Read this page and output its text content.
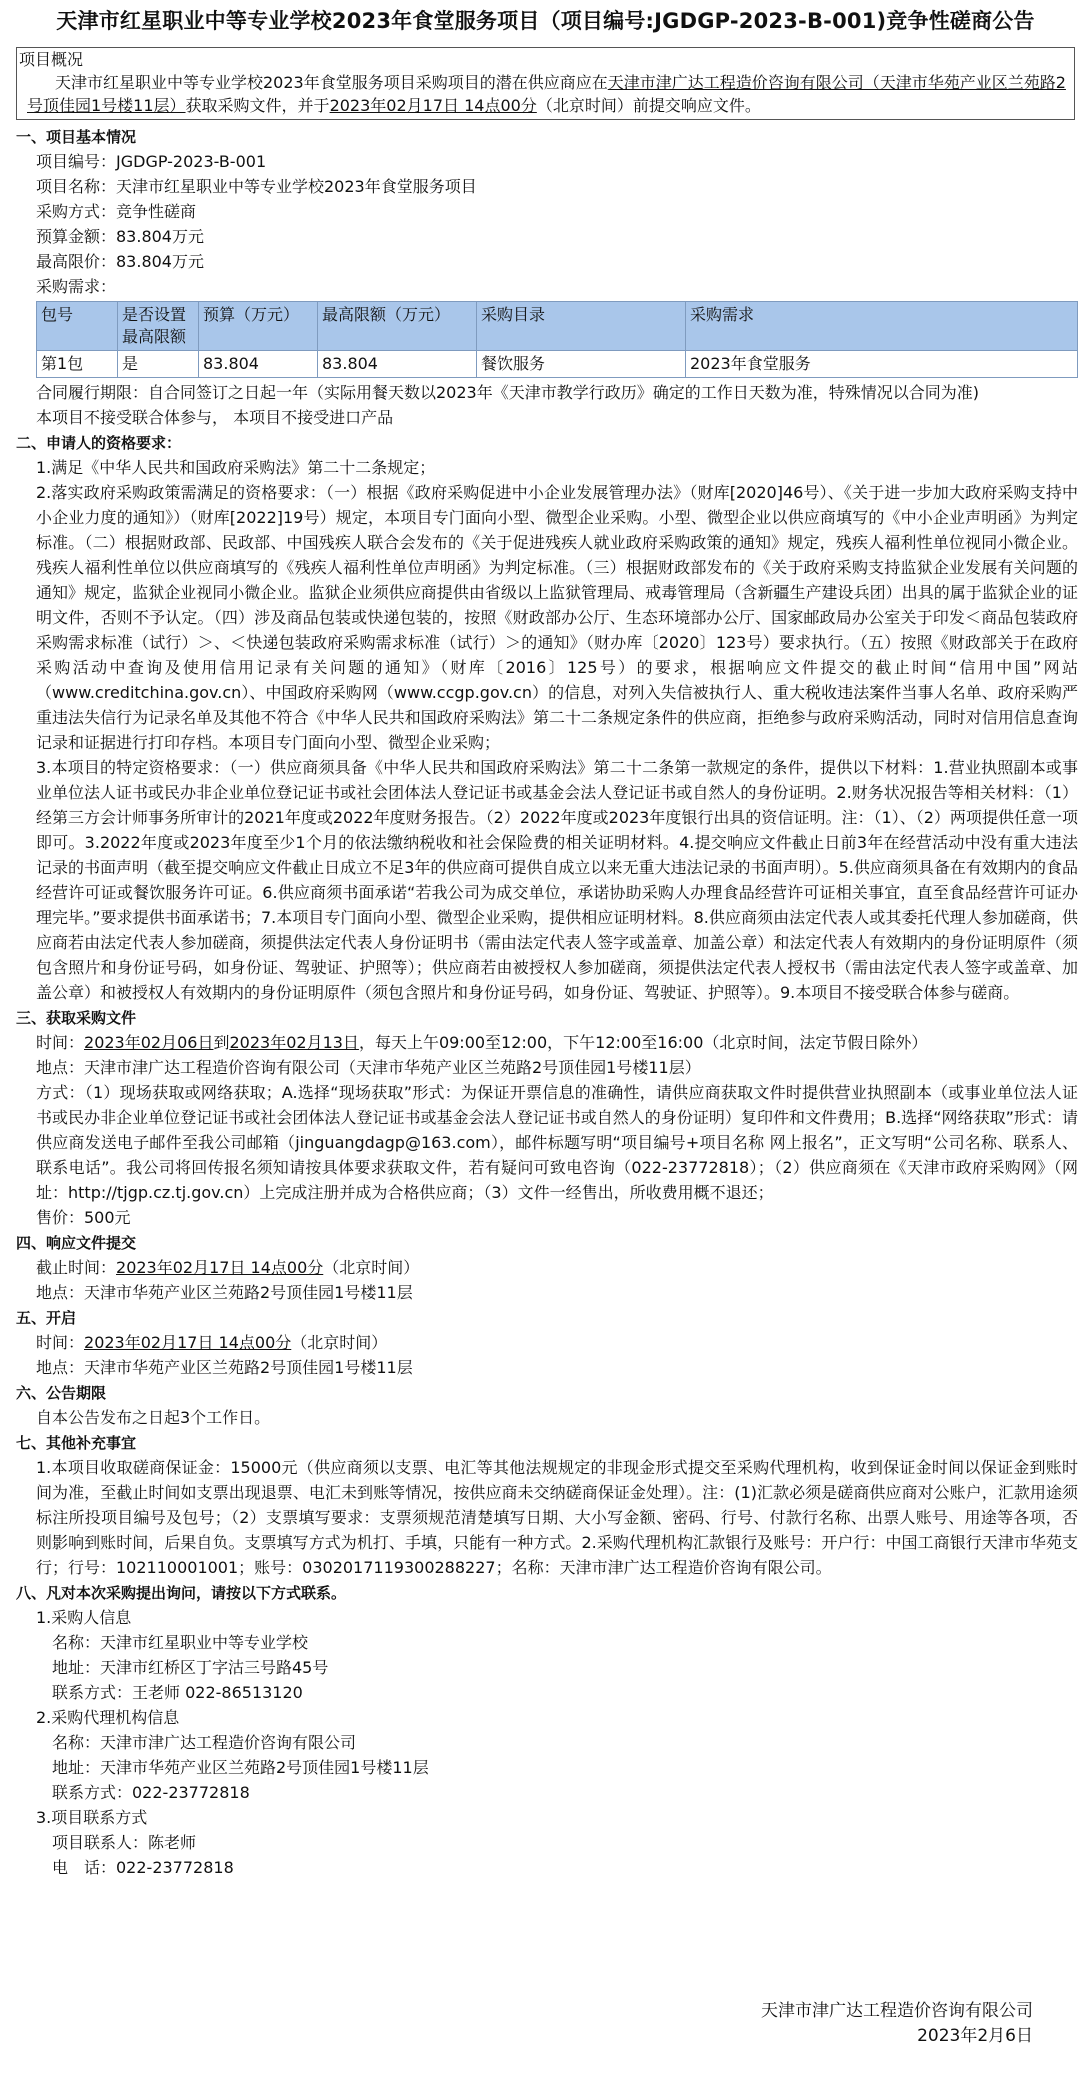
天津市红星职业中等专业学校2023年食堂服务项目（项目编号:JGDGP-2023-B-001)竞争性磋商公告
项目概况
天津市红星职业中等专业学校2023年食堂服务项目采购项目的潜在供应商应在天津市津广达工程造价咨询有限公司（天津市华苑产业区兰苑路2号顶佳园1号楼11层）获取采购文件，并于2023年02月17日 14点00分（北京时间）前提交响应文件。
一、项目基本情况
项目编号：JGDGP-2023-B-001
项目名称：天津市红星职业中等专业学校2023年食堂服务项目
采购方式：竞争性磋商
预算金额：83.804万元
最高限价：83.804万元
采购需求：
包号	是否设置最高限额	预算（万元）	最高限额（万元）	采购目录	采购需求
第1包	是	83.804	83.804	餐饮服务	2023年食堂服务
合同履行期限：自合同签订之日起一年（实际用餐天数以2023年《天津市教学行政历》确定的工作日天数为准，特殊情况以合同为准)
本项目不接受联合体参与， 本项目不接受进口产品
二、申请人的资格要求：
1.满足《中华人民共和国政府采购法》第二十二条规定；
2.落实政府采购政策需满足的资格要求：（一）根据《政府采购促进中小企业发展管理办法》（财库[2020]46号）、《关于进一步加大政府采购支持中小企业力度的通知》）（财库[2022]19号）规定，本项目专门面向小型、微型企业采购。小型、微型企业以供应商填写的《中小企业声明函》为判定标准。（二）根据财政部、民政部、中国残疾人联合会发布的《关于促进残疾人就业政府采购政策的通知》规定，残疾人福利性单位视同小微企业。残疾人福利性单位以供应商填写的《残疾人福利性单位声明函》为判定标准。（三）根据财政部发布的《关于政府采购支持监狱企业发展有关问题的通知》规定，监狱企业视同小微企业。监狱企业须供应商提供由省级以上监狱管理局、戒毒管理局（含新疆生产建设兵团）出具的属于监狱企业的证明文件，否则不予认定。（四）涉及商品包装或快递包装的，按照《财政部办公厅、生态环境部办公厅、国家邮政局办公室关于印发＜商品包装政府采购需求标准（试行）＞、＜快递包装政府采购需求标准（试行）＞的通知》（财办库〔2020〕123号）要求执行。（五）按照《财政部关于在政府采购活动中查询及使用信用记录有关问题的通知》（财库〔2016〕125号）的要求，根据响应文件提交的截止时间“信用中国”网站（www.creditchina.gov.cn）、中国政府采购网（www.ccgp.gov.cn）的信息，对列入失信被执行人、重大税收违法案件当事人名单、政府采购严重违法失信行为记录名单及其他不符合《中华人民共和国政府采购法》第二十二条规定条件的供应商，拒绝参与政府采购活动，同时对信用信息查询记录和证据进行打印存档。本项目专门面向小型、微型企业采购；
3.本项目的特定资格要求：（一）供应商须具备《中华人民共和国政府采购法》第二十二条第一款规定的条件，提供以下材料：1.营业执照副本或事业单位法人证书或民办非企业单位登记证书或社会团体法人登记证书或基金会法人登记证书或自然人的身份证明。2.财务状况报告等相关材料：（1）经第三方会计师事务所审计的2021年度或2022年度财务报告。（2）2022年度或2023年度银行出具的资信证明。注：（1）、（2）两项提供任意一项即可。3.2022年度或2023年度至少1个月的依法缴纳税收和社会保险费的相关证明材料。4.提交响应文件截止日前3年在经营活动中没有重大违法记录的书面声明（截至提交响应文件截止日成立不足3年的供应商可提供自成立以来无重大违法记录的书面声明）。5.供应商须具备在有效期内的食品经营许可证或餐饮服务许可证。6.供应商须书面承诺“若我公司为成交单位，承诺协助采购人办理食品经营许可证相关事宜，直至食品经营许可证办理完毕。”要求提供书面承诺书；7.本项目专门面向小型、微型企业采购，提供相应证明材料。8.供应商须由法定代表人或其委托代理人参加磋商，供应商若由法定代表人参加磋商，须提供法定代表人身份证明书（需由法定代表人签字或盖章、加盖公章）和法定代表人有效期内的身份证明原件（须包含照片和身份证号码，如身份证、驾驶证、护照等）；供应商若由被授权人参加磋商，须提供法定代表人授权书（需由法定代表人签字或盖章、加盖公章）和被授权人有效期内的身份证明原件（须包含照片和身份证号码，如身份证、驾驶证、护照等）。9.本项目不接受联合体参与磋商。
三、获取采购文件
时间：2023年02月06日到2023年02月13日，每天上午09:00至12:00，下午12:00至16:00（北京时间，法定节假日除外）
地点：天津市津广达工程造价咨询有限公司（天津市华苑产业区兰苑路2号顶佳园1号楼11层）
方式：（1）现场获取或网络获取；A.选择“现场获取”形式：为保证开票信息的准确性，请供应商获取文件时提供营业执照副本（或事业单位法人证书或民办非企业单位登记证书或社会团体法人登记证书或基金会法人登记证书或自然人的身份证明）复印件和文件费用；B.选择“网络获取”形式：请供应商发送电子邮件至我公司邮箱（jinguangdagp@163.com），邮件标题写明“项目编号+项目名称 网上报名”，正文写明“公司名称、联系人、联系电话”。我公司将回传报名须知请按具体要求获取文件，若有疑问可致电咨询（022-23772818）；（2）供应商须在《天津市政府采购网》（网址：http://tjgp.cz.tj.gov.cn）上完成注册并成为合格供应商；（3）文件一经售出，所收费用概不退还；
售价：500元
四、响应文件提交
截止时间：2023年02月17日 14点00分（北京时间）
地点：天津市华苑产业区兰苑路2号顶佳园1号楼11层
五、开启
时间：2023年02月17日 14点00分（北京时间）
地点：天津市华苑产业区兰苑路2号顶佳园1号楼11层
六、公告期限
自本公告发布之日起3个工作日。
七、其他补充事宜
1.本项目收取磋商保证金：15000元（供应商须以支票、电汇等其他法规规定的非现金形式提交至采购代理机构，收到保证金时间以保证金到账时间为准，至截止时间如支票出现退票、电汇未到账等情况，按供应商未交纳磋商保证金处理）。注：(1)汇款必须是磋商供应商对公账户，汇款用途须标注所投项目编号及包号；（2）支票填写要求：支票须规范清楚填写日期、大小写金额、密码、行号、付款行名称、出票人账号、用途等各项，否则影响到账时间，后果自负。支票填写方式为机打、手填，只能有一种方式。2.采购代理机构汇款银行及账号：开户行：中国工商银行天津市华苑支行；行号：102110001001；账号：0302017119300288227；名称：天津市津广达工程造价咨询有限公司。
八、凡对本次采购提出询问，请按以下方式联系。
1.采购人信息
名称：天津市红星职业中等专业学校
地址：天津市红桥区丁字沽三号路45号
联系方式：王老师 022-86513120
2.采购代理机构信息
名称：天津市津广达工程造价咨询有限公司
地址：天津市华苑产业区兰苑路2号顶佳园1号楼11层
联系方式：022-23772818
3.项目联系方式
项目联系人：陈老师
电　话：022-23772818
天津市津广达工程造价咨询有限公司
2023年2月6日
